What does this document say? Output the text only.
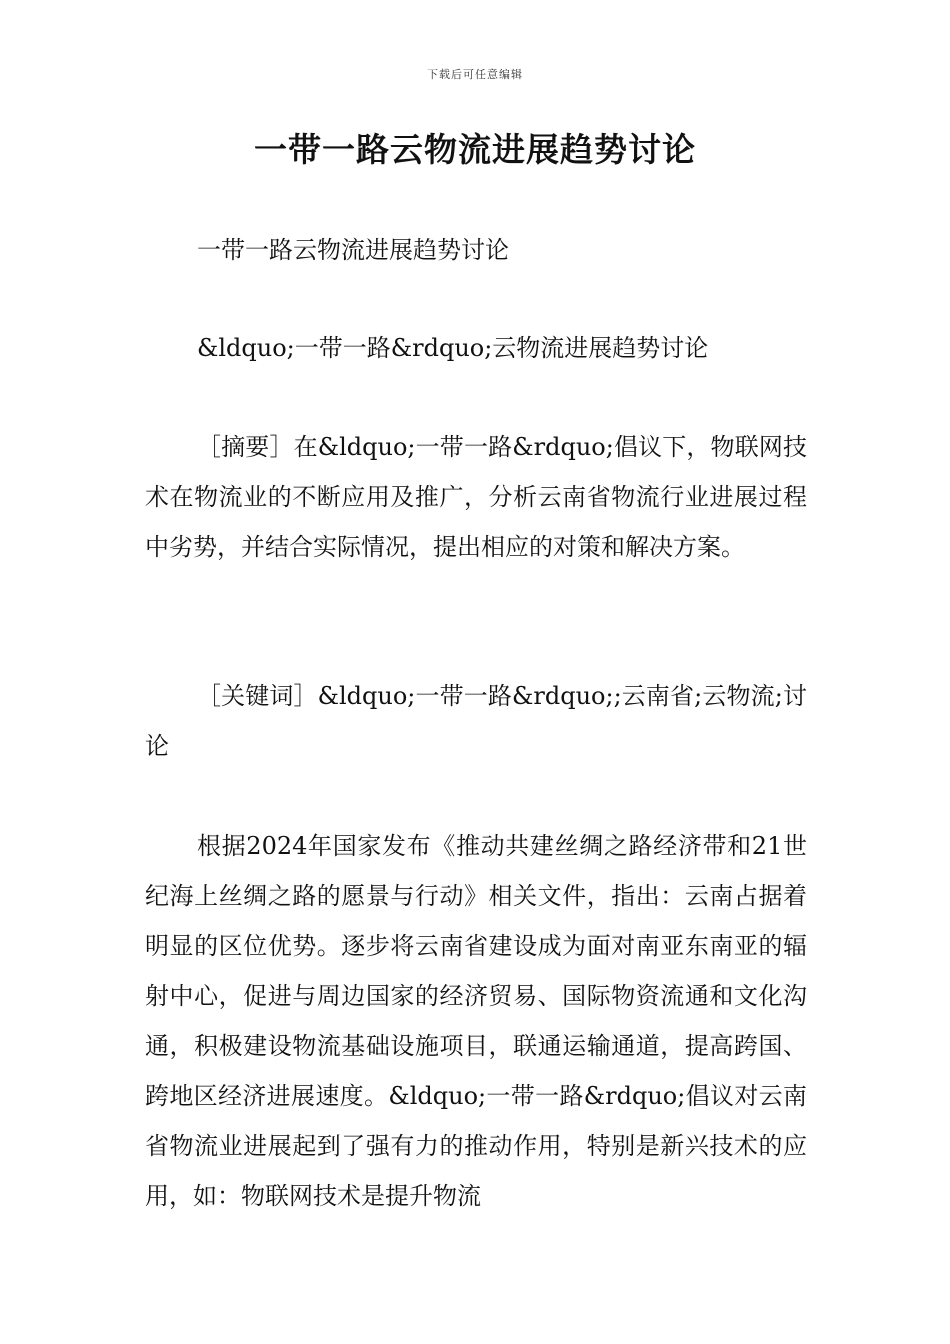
下载后可任意编辑
一带一路云物流进展趋势讨论

一带一路云物流进展趋势讨论

&ldquo;一带一路&rdquo;云物流进展趋势讨论

［摘要］在&ldquo;一带一路&rdquo;倡议下，物联网技术在物流业的不断应用及推广，分析云南省物流行业进展过程中劣势，并结合实际情况，提出相应的对策和解决方案。

［关键词］&ldquo;一带一路&rdquo;;云南省;云物流;讨论

根据2024年国家发布《推动共建丝绸之路经济带和21世纪海上丝绸之路的愿景与行动》相关文件，指出：云南占据着明显的区位优势。逐步将云南省建设成为面对南亚东南亚的辐射中心，促进与周边国家的经济贸易、国际物资流通和文化沟通，积极建设物流基础设施项目，联通运输通道，提高跨国、跨地区经济进展速度。&ldquo;一带一路&rdquo;倡议对云南省物流业进展起到了强有力的推动作用，特别是新兴技术的应用，如：物联网技术是提升物流
